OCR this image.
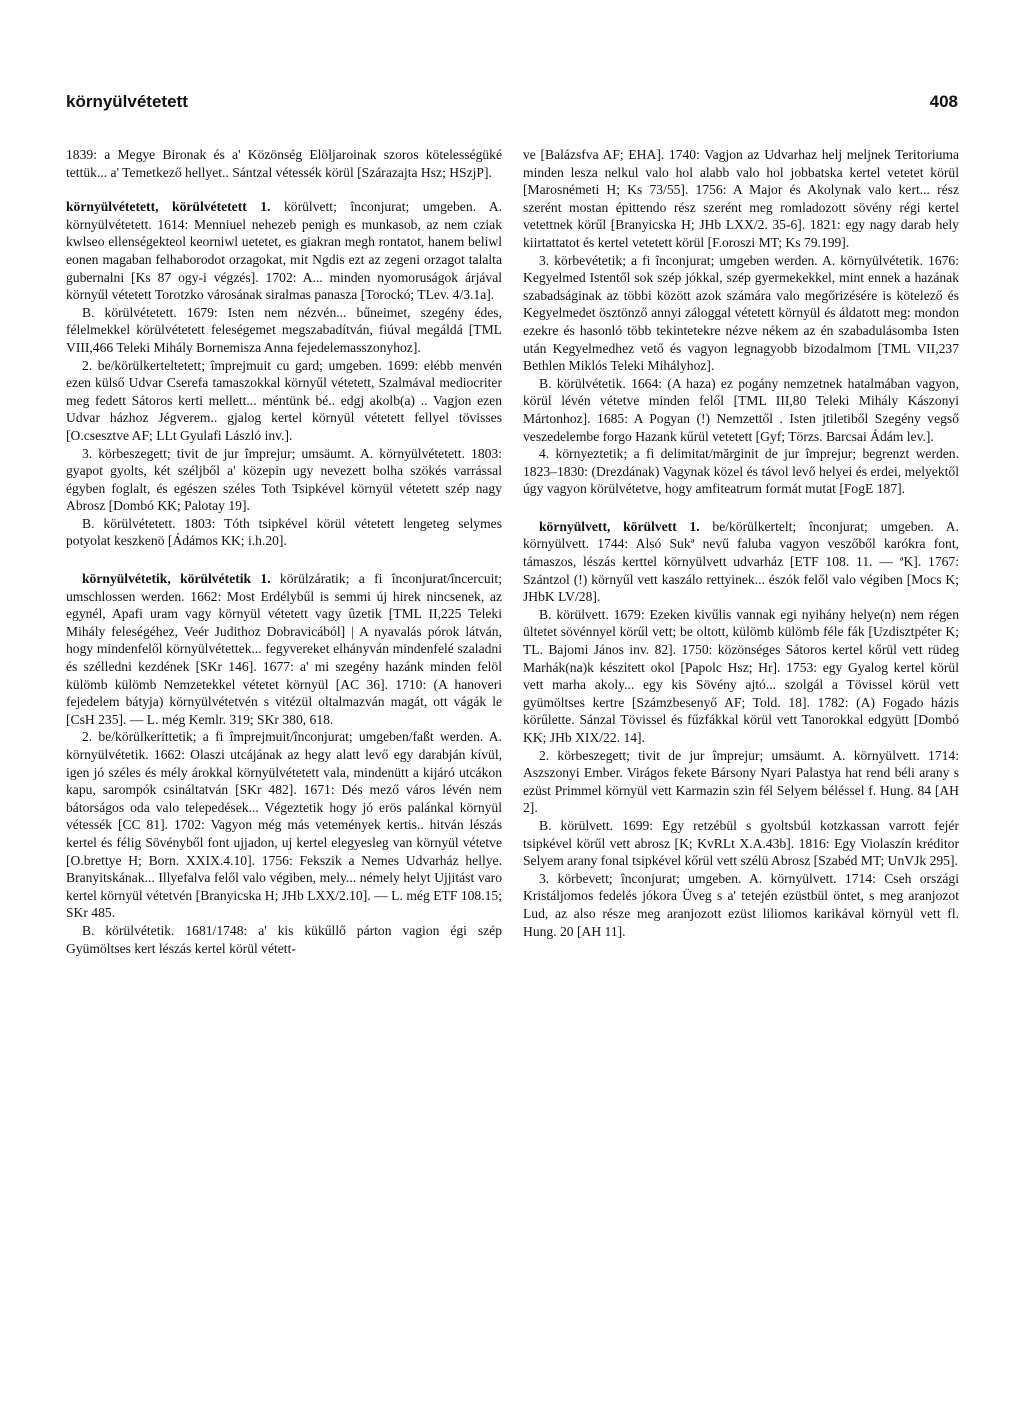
környülvétetett	408

1839: a Megye Bironak és a' Közönség Elöljaroinak szoros kötelességüké tettük... a' Temetkező hellyet.. Sántzal vétessék körül [Szárazajta Hsz; HSzjP].

környülvétetett, körülvétetett 1. körülvett; înconjurat; umgeben. A. környülvétetett. 1614: Menniuel nehezeb penigh es munkasob, az nem cziak kwlseo ellenségekteol keorniwl uetetet, es giakran megh rontatot, hanem beliwl eonen magaban felhaborodot orzagokat, mit Ngdis ezt az zegeni orzagot talalta gubernalni [Ks 87 ogy-i végzés]. 1702: A... minden nyomoruságok árjával környűl vétetett Torotzko városának siralmas panasza [Torockó; TLev. 4/3.1a].

B. körülvétetett. 1679: Isten nem nézvén... bűneimet, szegény édes, félelmekkel körülvétetett feleségemet megszabadítván, fiúval megáldá [TML VIII,466 Teleki Mihály Bornemisza Anna fejedelemasszonyhoz].

2. be/körülkerteltetett; împrejmuit cu gard; umgeben. 1699: elébb menvén ezen külső Udvar Cserefa tamaszokkal környűl vétetett, Szalmával mediocriter meg fedett Sátoros kerti mellett... méntünk bé.. edgj akolb(a) .. Vagjon ezen Udvar házhoz Jégverem.. gjalog kertel környül vétetett fellyel tövisses [O.csesztve AF; LLt Gyulafi László inv.].

3. körbeszegett; tivit de jur împrejur; umsäumt. A. környülvétetett. 1803: gyapot gyolts, két széljből a' közepin ugy nevezett bolha szökés varrással égyben foglalt, és egészen széles Toth Tsipkével környül vétetett szép nagy Abrosz [Dombó KK; Palotay 19].

B. körülvétetett. 1803: Tóth tsipkével körül vétetett lengeteg selymes potyolat keszkenö [Ádámos KK; i.h.20].

környülvétetik, körülvétetik 1. körülzáratik; a fi înconjurat/încercuit; umschlossen werden. 1662: Most Erdélybűl is semmi új hirek nincsenek, az egynél, Apafi uram vagy környül vétetett vagy ûzetik [TML II,225 Teleki Mihály feleségéhez, Veér Judithoz Dobravicából] | A nyavalás pórok látván, hogy mindenfelől környülvétettek... fegyvereket elhányván mindenfelé szaladni és széllednі kezdének [SKr 146]. 1677: a' mi szegény hazánk minden felöl külömb külömb Nemzetekkel vétetet környül [AC 36]. 1710: (A hanoveri fejedelem bátyja) környülvétetvén s vitézül oltalmazván magát, ott vágák le [CsH 235]. — L. még Kemlr. 319; SKr 380, 618.

2. be/körülkeríttetik; a fi împrejmuit/înconjurat; umgeben/faßt werden. A. környülvétetik. 1662: Olaszi utcájának az hegy alatt levő egy darabján kívül, igen jó széles és mély árokkal környülvétetett vala, mindenütt a kijáró utcákon kapu, sarompók csináltatván [SKr 482]. 1671: Dés mező város lévén nem bátorságos oda valo telepedések... Végeztetik hogy jó erös palánkal környül vétessék [CC 81]. 1702: Vagyon még más vetemények kertis.. hitván lészás kertel és félig Sövényből font ujjadon, uj kertel elegyesleg van környül vétetve [O.brettye H; Born. XXIX.4.10]. 1756: Fekszik a Nemes Udvarház hellye. Branyitskának... Illyefalva felől valo végiben, mely... némely helyt Ujjitást varo kertel környül vétetvén [Branyicska H; JHb LXX/2.10]. — L. még ETF 108.15; SKr 485.

B. körülvétetik. 1681/1748: a' kis kükűllő párton vagion égi szép Gyümöltses kert lészás kertel körül vétett-

ve [Balázsfva AF; EHA]. 1740: Vagjon az Udvarhaz helj meljnek Teritoriuma minden lesza nelkul valo hol alabb valo hol jobbatska kertel vetetet körül [Marosnémeti H; Ks 73/55]. 1756: A Major és Akolynak valo kert... rész szerént mostan épittendo rész szerént meg romladozott sövény régi kertel vetettnek körűl [Branyicska H; JHb LXX/2. 35-6]. 1821: egy nagy darab hely kiirtattatot és kertel vetetett körül [F.oroszi MT; Ks 79.199].

3. körbevétetik; a fi înconjurat; umgeben werden. A. környülvétetik. 1676: Kegyelmed Istentől sok szép jókkal, szép gyermekekkel, mint ennek a hazának szabadságinak az többi között azok számára valo megőrizésére is kötelező és Kegyelmedet ösztönző annyi záloggal vétetett környül és áldatott meg: mondon ezekre és hasonló több tekintetekre nézve nékem az én szabadulásomba Isten után Kegyelmedhez vető és vagyon legnagyobb bizodalmom [TML VII,237 Bethlen Miklós Teleki Mihályhoz].

B. körülvétetik. 1664: (A haza) ez pogány nemzetnek hatalmában vagyon, körül lévén vétetve minden felől [TML III,80 Teleki Mihály Kászonyi Mártonhoz]. 1685: A Pogyan (!) Nemzettől . Isten jtiletiből Szegény vegső veszedelembe forgo Hazank kűrül vetetett [Gyf; Törzs. Barcsai Ádám lev.].

4. környeztetik; a fi delimitat/mărginit de jur împrejur; begrenzt werden. 1823–1830: (Drezdának) Vagynak közel és távol levő helyei és erdei, melyektől úgy vagyon körülvétetve, hogy amfiteatrum formát mutat [FogE 187].

környülvett, körülvett 1. be/körülkertelt; înconjurat; umgeben. A. környülvett. 1744: Alsó Sukª nevű faluba vagyon veszőből karókra font, támaszos, lészás kerttel környülvett udvarház [ETF 108. 11. — ªK]. 1767: Szántzol (!) környűl vett kaszálo rettyinek... észók felől valo végiben [Mocs K; JHbK LV/28].

B. körülvett. 1679: Ezeken kivűlis vannak egi nyihány helye(n) nem régen ültetet sövénnyel körűl vett; be oltott, külömb külömb féle fák [Uzdisztpéter K; TL. Bajomi János inv. 82]. 1750: közönséges Sátoros kertel kőrül vett rüdeg Marhák(na)k készitett okol [Papolc Hsz; Hr]. 1753: egy Gyalog kertel körül vett marha akoly... egy kis Sövény ajtó... szolgál a Tövissel körül vett gyümöltses kertre [Számzbesenyő AF; Told. 18]. 1782: (A) Fogado házis körűlette. Sánzal Tövissel és fűzfákkal körül vett Tanorokkal edgyütt [Dombó KK; JHb XIX/22. 14].

2. körbeszegett; tivit de jur împrejur; umsäumt. A. környülvett. 1714: Aszszonyi Ember. Virágos fekete Bársony Nyari Palastya hat rend béli arany s ezüst Primmel környül vett Karmazin szin fél Selyem béléssel f. Hung. 84 [AH 2].

B. körülvett. 1699: Egy retzébül s gyoltsbúl kotzkassan varrott fejér tsipkével körűl vett abrosz [K; KvRLt X.A.43b]. 1816: Egy Violaszín kréditor Selyem arany fonal tsipkével kőrül vett szélü Abrosz [Szabéd MT; UnVJk 295].

3. körbevett; înconjurat; umgeben. A. környülvett. 1714: Cseh országi Kristáljomos fedelés jókora Üveg s a' tetején ezüstbül öntet, s meg aranjozot Lud, az also része meg aranjozott ezüst liliomos karikával környül vett fl. Hung. 20 [AH 11].
